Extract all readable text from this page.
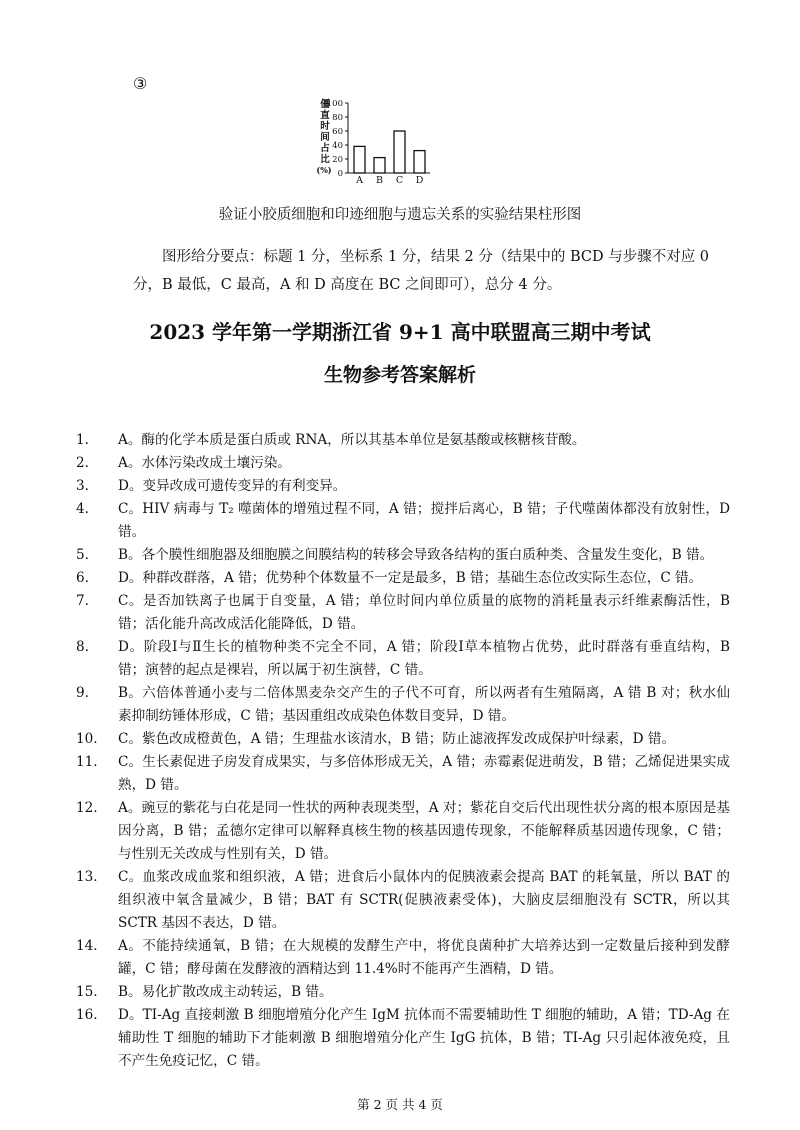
③
僵
直
时
间
占
比
(%) 0
20
40
60
80
100
A B C D
验证小胶质细胞和印迹细胞与遗忘关系的实验结果柱形图

图形给分要点：标题 1 分，坐标系 1 分，结果 2 分（结果中的 BCD 与步骤不对应 0 分，B 最低，C 最高，A 和 D 高度在 BC 之间即可），总分 4 分。

2023 学年第一学期浙江省 9+1 高中联盟高三期中考试
生物参考答案解析
1.	A。酶的化学本质是蛋白质或 RNA，所以其基本单位是氨基酸或核糖核苷酸。
2.	A。水体污染改成土壤污染。
3.	D。变异改成可遗传变异的有利变异。
4.	C。HIV 病毒与 T₂ 噬菌体的增殖过程不同，A 错；搅拌后离心，B 错；子代噬菌体都没有放射性，D 错。
5.	B。各个膜性细胞器及细胞膜之间膜结构的转移会导致各结构的蛋白质种类、含量发生变化，B 错。
6.	D。种群改群落，A 错；优势种个体数量不一定是最多，B 错；基础生态位改实际生态位，C 错。
7.	C。是否加铁离子也属于自变量，A 错；单位时间内单位质量的底物的消耗量表示纤维素酶活性，B 错；活化能升高改成活化能降低，D 错。
8.	D。阶段Ⅰ与Ⅱ生长的植物种类不完全不同，A 错；阶段Ⅰ草本植物占优势，此时群落有垂直结构，B 错；演替的起点是裸岩，所以属于初生演替，C 错。
9.	B。六倍体普通小麦与二倍体黑麦杂交产生的子代不可育，所以两者有生殖隔离，A 错 B 对；秋水仙素抑制纺锤体形成，C 错；基因重组改成染色体数目变异，D 错。
10.	C。紫色改成橙黄色，A 错；生理盐水该清水，B 错；防止滤液挥发改成保护叶绿素，D 错。
11.	C。生长素促进子房发育成果实，与多倍体形成无关，A 错；赤霉素促进萌发，B 错；乙烯促进果实成熟，D 错。
12.	A。豌豆的紫花与白花是同一性状的两种表现类型，A 对；紫花自交后代出现性状分离的根本原因是基因分离，B 错；孟德尔定律可以解释真核生物的核基因遗传现象，不能解释质基因遗传现象，C 错；与性别无关改成与性别有关，D 错。
13.	C。血浆改成血浆和组织液，A 错；进食后小鼠体内的促胰液素会提高 BAT 的耗氧量，所以 BAT 的组织液中氧含量减少，B 错；BAT 有 SCTR(促胰液素受体)，大脑皮层细胞没有 SCTR，所以其 SCTR 基因不表达，D 错。
14.	A。不能持续通氧，B 错；在大规模的发酵生产中，将优良菌种扩大培养达到一定数量后接种到发酵罐，C 错；酵母菌在发酵液的酒精达到 11.4%时不能再产生酒精，D 错。
15.	B。易化扩散改成主动转运，B 错。
16.	D。TI-Ag 直接刺激 B 细胞增殖分化产生 IgM 抗体而不需要辅助性 T 细胞的辅助，A 错；TD-Ag 在辅助性 T 细胞的辅助下才能刺激 B 细胞增殖分化产生 IgG 抗体，B 错；TI-Ag 只引起体液免疫，且不产生免疫记忆，C 错。
第 2 页 共 4 页
